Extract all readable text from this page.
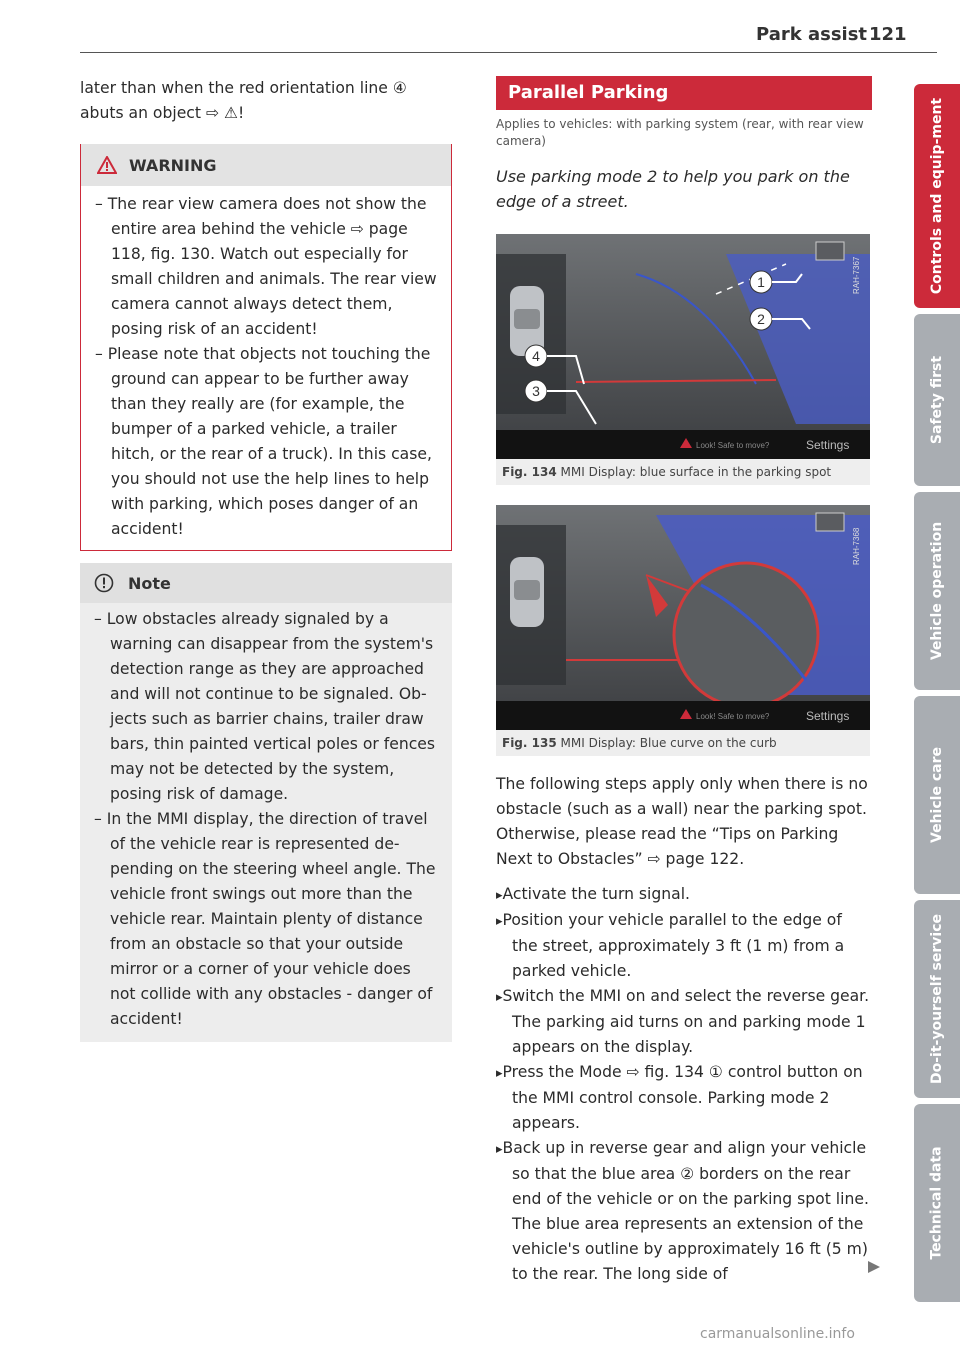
Park assist 121

later than when the red orientation line ④ abuts an object ⇨ ⚠!

WARNING
– The rear view camera does not show the entire area behind the vehicle ⇨ page 118, fig. 130. Watch out especially for small children and animals. The rear view camera cannot always detect them, posing risk of an accident!
– Please note that objects not touching the ground can appear to be further away than they really are (for example, the bumper of a parked vehicle, a trailer hitch, or the rear of a truck). In this case, you should not use the help lines to help with parking, which poses danger of an accident!
Note
– Low obstacles already signaled by a warning can disappear from the system's detection range as they are approached and will not continue to be signaled. Objects such as barrier chains, trailer draw bars, thin painted vertical poles or fences may not be detected by the system, posing risk of damage.
– In the MMI display, the direction of travel of the vehicle rear is represented depending on the steering wheel angle. The vehicle front swings out more than the vehicle rear. Maintain plenty of distance from an obstacle so that your outside mirror or a corner of your vehicle does not collide with any obstacles - danger of accident!
Parallel Parking
Applies to vehicles: with parking system (rear, with rear view camera)
Use parking mode 2 to help you park on the edge of a street.
1
2
4
3
RAH-7367
Look! Safe to move?	Settings
Fig. 134 MMI Display: blue surface in the parking spot
RAH-7368
Look! Safe to move?	Settings
Fig. 135 MMI Display: Blue curve on the curb

The following steps apply only when there is no obstacle (such as a wall) near the parking spot. Otherwise, please read the “Tips on Parking Next to Obstacles” ⇨ page 122.

▸ Activate the turn signal.
▸ Position your vehicle parallel to the edge of the street, approximately 3 ft (1 m) from a parked vehicle.
▸ Switch the MMI on and select the reverse gear. The parking aid turns on and parking mode 1 appears on the display.
▸ Press the Mode ⇨ fig. 134 ① control button on the MMI control console. Parking mode 2 appears.
▸ Back up in reverse gear and align your vehicle so that the blue area ② borders on the rear end of the vehicle or on the parking spot line. The blue area represents an extension of the vehicle's outline by approximately 16 ft (5 m) to the rear. The long side of
Controls and equip-ment
Safety first
Vehicle operation
Vehicle care
Do-it-yourself service
Technical data
carmanualsonline.info
